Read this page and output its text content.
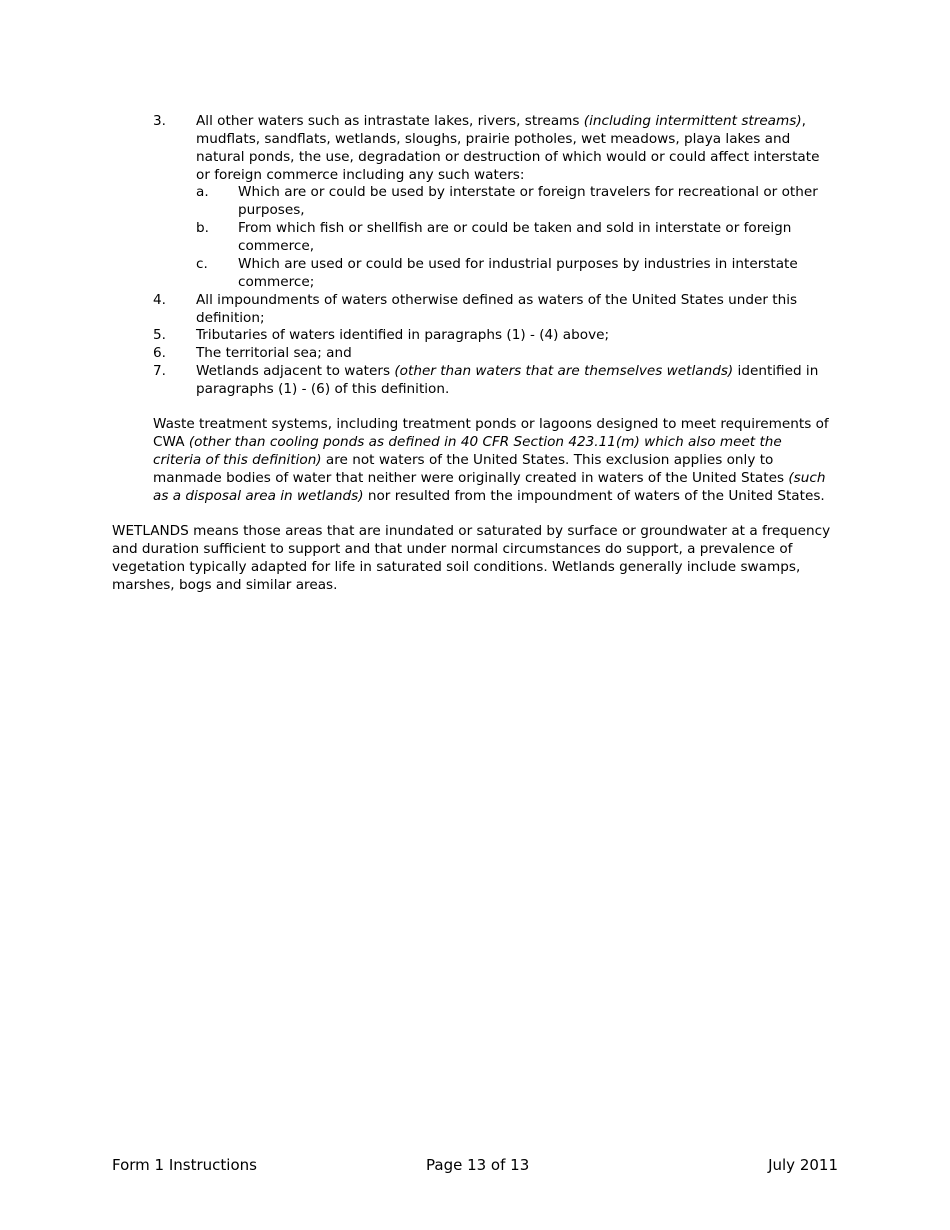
3. All other waters such as intrastate lakes, rivers, streams (including intermittent streams), mudflats, sandflats, wetlands, sloughs, prairie potholes, wet meadows, playa lakes and natural ponds, the use, degradation or destruction of which would or could affect interstate or foreign commerce including any such waters:
a. Which are or could be used by interstate or foreign travelers for recreational or other purposes,
b. From which fish or shellfish are or could be taken and sold in interstate or foreign commerce,
c. Which are used or could be used for industrial purposes by industries in interstate commerce;
4. All impoundments of waters otherwise defined as waters of the United States under this definition;
5. Tributaries of waters identified in paragraphs (1) - (4) above;
6. The territorial sea; and
7. Wetlands adjacent to waters (other than waters that are themselves wetlands) identified in paragraphs (1) - (6) of this definition.
Waste treatment systems, including treatment ponds or lagoons designed to meet requirements of CWA (other than cooling ponds as defined in 40 CFR Section 423.11(m) which also meet the criteria of this definition) are not waters of the United States. This exclusion applies only to manmade bodies of water that neither were originally created in waters of the United States (such as a disposal area in wetlands) nor resulted from the impoundment of waters of the United States.
WETLANDS means those areas that are inundated or saturated by surface or groundwater at a frequency and duration sufficient to support and that under normal circumstances do support, a prevalence of vegetation typically adapted for life in saturated soil conditions. Wetlands generally include swamps, marshes, bogs and similar areas.
Form 1 Instructions	Page 13 of 13	July 2011
